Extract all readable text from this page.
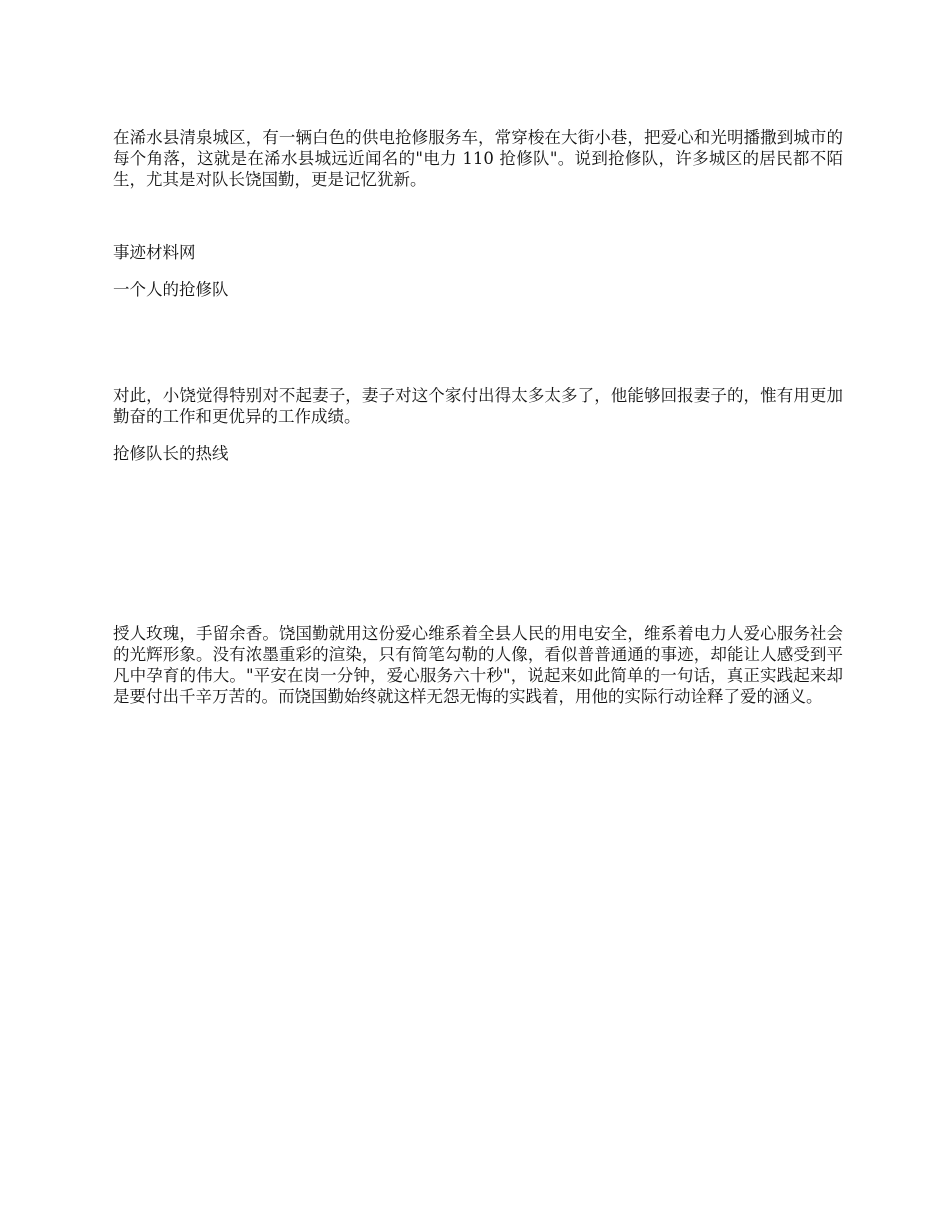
在浠水县清泉城区，有一辆白色的供电抢修服务车，常穿梭在大街小巷，把爱心和光明播撒到城市的每个角落，这就是在浠水县城远近闻名的"电力 110 抢修队"。说到抢修队，许多城区的居民都不陌生，尤其是对队长饶国勤，更是记忆犹新。

事迹材料网

一个人的抢修队

对此，小饶觉得特别对不起妻子，妻子对这个家付出得太多太多了，他能够回报妻子的，惟有用更加勤奋的工作和更优异的工作成绩。

抢修队长的热线

授人玫瑰，手留余香。饶国勤就用这份爱心维系着全县人民的用电安全，维系着电力人爱心服务社会的光辉形象。没有浓墨重彩的渲染，只有简笔勾勒的人像，看似普普通通的事迹，却能让人感受到平凡中孕育的伟大。"平安在岗一分钟，爱心服务六十秒"，说起来如此简单的一句话，真正实践起来却是要付出千辛万苦的。而饶国勤始终就这样无怨无悔的实践着，用他的实际行动诠释了爱的涵义。
